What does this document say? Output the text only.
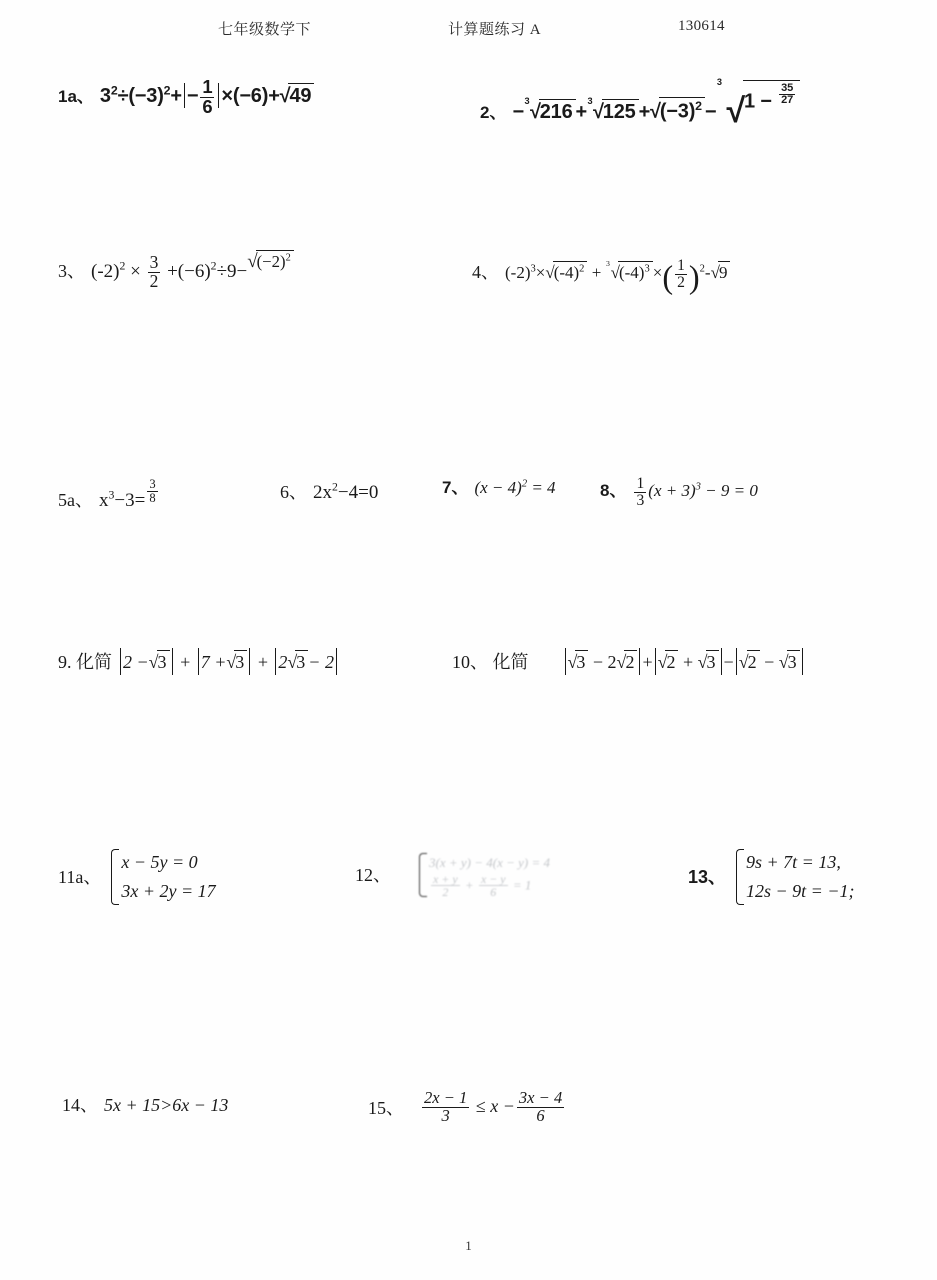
七年级数学下	计算题练习 A	130614
1a、 $3^2\div(-3)^2+ - \frac{1}{6} \times(-6)+√49$
2、 − 3 √216 + 3 $√125 +√(-3)^2$ −
3
$√1 - \frac{35}{27}$
3、 $(-2)^2 \times \frac{3}{2} +(-6)^2\div 9-√(-2)^2$
4、 $(-2)^3\times√(-4)^2 + 3$ $√(-4)^3$ ×( $\frac{1}{2} )^2-√9$
5a、 $x^3-3= \frac{3}{8}$	6、 $2x^2-4=0$	7、 $(x - 4)^2 = 4$	8、 $\frac{1}{3} (x + 3)^3 - 9 = 0$
9. 化简 2 −√3 + 7 +√3 + 2√3 − 2	10、 化简 √3 − 2√2 + √2 + √3 − √2 − √3
11a、
x − 5y = 0
3x + 2y = 17
12、
3(x + y) − 4(x − y) = 4
$\frac{x + y}{2} + \frac{x - y}{6} = 1$	13、
9s + 7t = 13,
12s − 9t = −1;
14、 5x + 15>6x − 13	15、 $\frac{2x - 1}{3} \le x - \frac{3x - 4}{6}$
1
